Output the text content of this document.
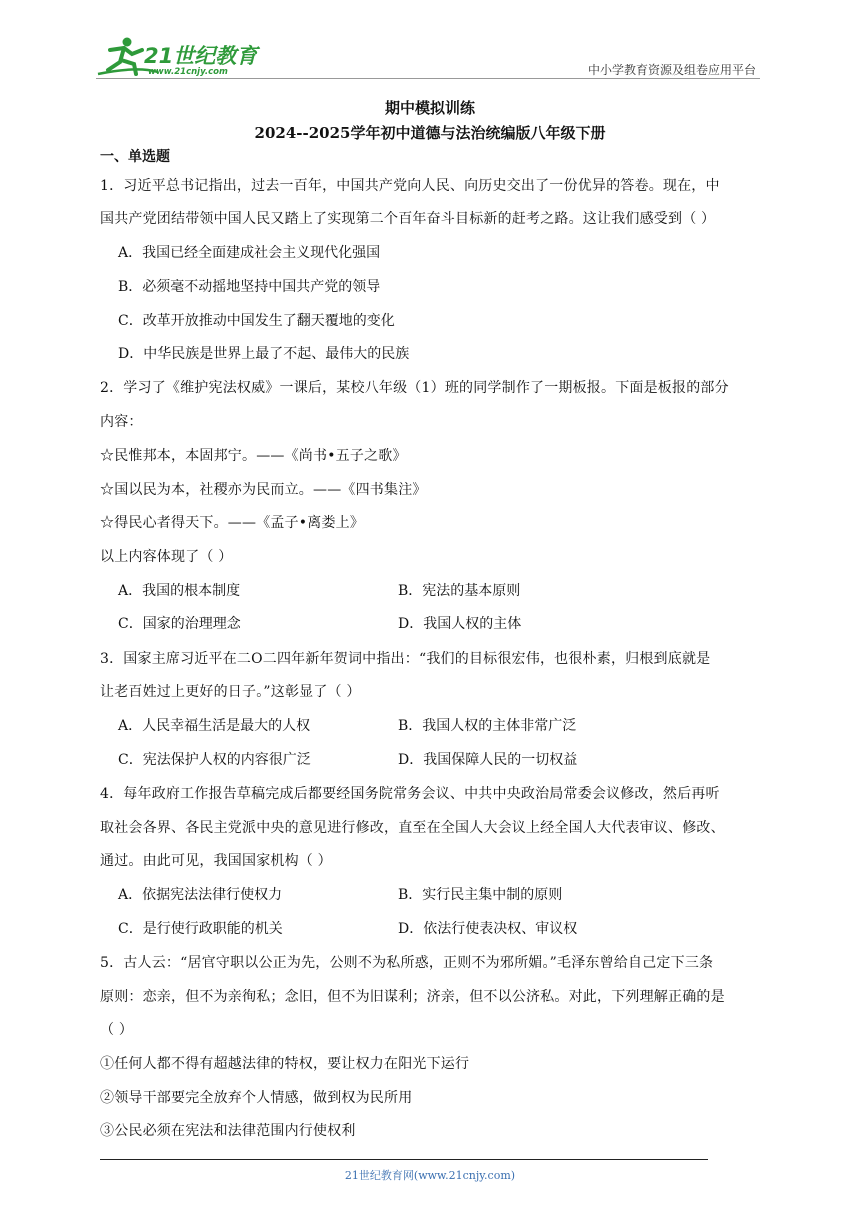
21世纪教育
www.21cnjy.com	中小学教育资源及组卷应用平台
期中模拟训练
2024--2025学年初中道德与法治统编版八年级下册
一、单选题
1．习近平总书记指出，过去一百年，中国共产党向人民、向历史交出了一份优异的答卷。现在，中
国共产党团结带领中国人民又踏上了实现第二个百年奋斗目标新的赶考之路。这让我们感受到（ ）
A．我国已经全面建成社会主义现代化强国
B．必须毫不动摇地坚持中国共产党的领导
C．改革开放推动中国发生了翻天覆地的变化
D．中华民族是世界上最了不起、最伟大的民族
2．学习了《维护宪法权威》一课后，某校八年级（1）班的同学制作了一期板报。下面是板报的部分
内容：
☆民惟邦本，本固邦宁。——《尚书•五子之歌》
☆国以民为本，社稷亦为民而立。——《四书集注》
☆得民心者得天下。——《孟子•离娄上》
以上内容体现了（ ）
A．我国的根本制度	B．宪法的基本原则
C．国家的治理理念	D．我国人权的主体
3．国家主席习近平在二O二四年新年贺词中指出：“我们的目标很宏伟，也很朴素，归根到底就是
让老百姓过上更好的日子。”这彰显了（ ）
A．人民幸福生活是最大的人权	B．我国人权的主体非常广泛
C．宪法保护人权的内容很广泛	D．我国保障人民的一切权益
4．每年政府工作报告草稿完成后都要经国务院常务会议、中共中央政治局常委会议修改，然后再听
取社会各界、各民主党派中央的意见进行修改，直至在全国人大会议上经全国人大代表审议、修改、
通过。由此可见，我国国家机构（ ）
A．依据宪法法律行使权力	B．实行民主集中制的原则
C．是行使行政职能的机关	D．依法行使表决权、审议权
5．古人云：“居官守职以公正为先，公则不为私所惑，正则不为邪所媚。”毛泽东曾给自己定下三条
原则：恋亲，但不为亲徇私；念旧，但不为旧谋利；济亲，但不以公济私。对此，下列理解正确的是
（ ）
①任何人都不得有超越法律的特权，要让权力在阳光下运行
②领导干部要完全放弃个人情感，做到权为民所用
③公民必须在宪法和法律范围内行使权利
21世纪教育网(www.21cnjy.com)
